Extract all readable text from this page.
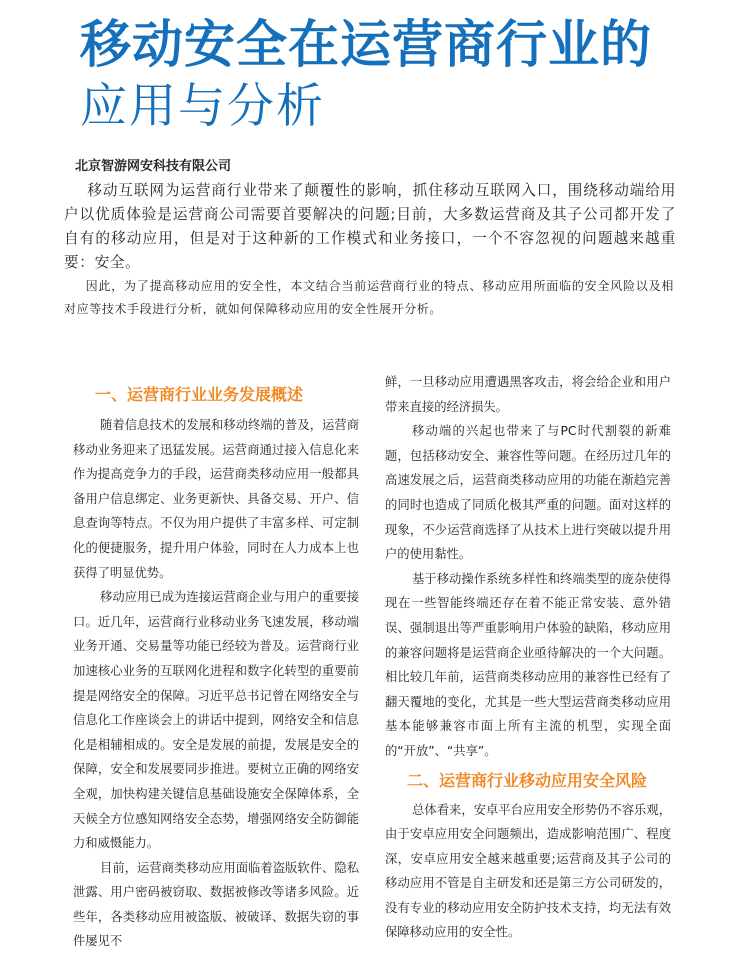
移动安全在运营商行业的
应用与分析
北京智游网安科技有限公司

移动互联网为运营商行业带来了颠覆性的影响，抓住移动互联网入口，围绕移动端给用户以优质体验是运营商公司需要首要解决的问题;目前，大多数运营商及其子公司都开发了自有的移动应用，但是对于这种新的工作模式和业务接口，一个不容忽视的问题越来越重要：安全。

因此，为了提高移动应用的安全性，本文结合当前运营商行业的特点、移动应用所面临的安全风险以及相对应等技术手段进行分析，就如何保障移动应用的安全性展开分析。

一、运营商行业业务发展概述

随着信息技术的发展和移动终端的普及，运营商移动业务迎来了迅猛发展。运营商通过接入信息化来作为提高竞争力的手段，运营商类移动应用一般都具备用户信息绑定、业务更新快、具备交易、开户、信息查询等特点。不仅为用户提供了丰富多样、可定制化的便捷服务，提升用户体验，同时在人力成本上也获得了明显优势。

移动应用已成为连接运营商企业与用户的重要接口。近几年，运营商行业移动业务飞速发展，移动端业务开通、交易量等功能已经较为普及。运营商行业加速核心业务的互联网化进程和数字化转型的重要前提是网络安全的保障。习近平总书记曾在网络安全与信息化工作座谈会上的讲话中提到，网络安全和信息化是相辅相成的。安全是发展的前提，发展是安全的保障，安全和发展要同步推进。要树立正确的网络安全观，加快构建关键信息基础设施安全保障体系，全天候全方位感知网络安全态势，增强网络安全防御能力和威慑能力。

目前，运营商类移动应用面临着盗版软件、隐私泄露、用户密码被窃取、数据被修改等诸多风险。近些年，各类移动应用被盗版、被破译、数据失窃的事件屡见不

鲜，一旦移动应用遭遇黑客攻击，将会给企业和用户带来直接的经济损失。

移动端的兴起也带来了与PC时代割裂的新难题，包括移动安全、兼容性等问题。在经历过几年的高速发展之后，运营商类移动应用的功能在渐趋完善的同时也造成了同质化极其严重的问题。面对这样的现象，不少运营商选择了从技术上进行突破以提升用户的使用黏性。

基于移动操作系统多样性和终端类型的庞杂使得现在一些智能终端还存在着不能正常安装、意外错误、强制退出等严重影响用户体验的缺陷，移动应用的兼容问题将是运营商企业亟待解决的一个大问题。相比较几年前，运营商类移动应用的兼容性已经有了翻天覆地的变化，尤其是一些大型运营商类移动应用基本能够兼容市面上所有主流的机型，实现全面的“开放”、“共享”。

二、运营商行业移动应用安全风险

总体看来，安卓平台应用安全形势仍不容乐观，由于安卓应用安全问题频出，造成影响范围广、程度深，安卓应用安全越来越重要;运营商及其子公司的移动应用不管是自主研发和还是第三方公司研发的，没有专业的移动应用安全防护技术支持，均无法有效保障移动应用的安全性。
